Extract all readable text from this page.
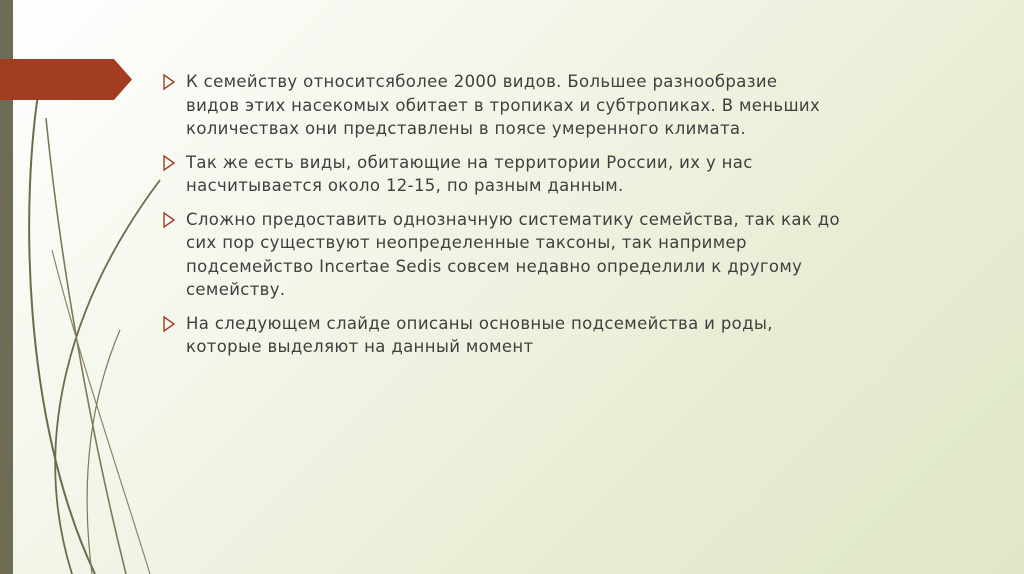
К семейству относитсяболее 2000 видов. Большее разнообразие
видов этих насекомых обитает в тропиках и субтропиках. В меньших
количествах они представлены в поясе умеренного климата.
Так же есть виды, обитающие на территории России, их у нас
насчитывается около 12-15, по разным данным.
Сложно предоставить однозначную систематику семейства, так как до
сих пор существуют неопределенные таксоны, так например
подсемейство Incertae Sedis совсем недавно определили к другому
семейству.
На следующем слайде описаны основные подсемейства и роды,
которые выделяют на данный момент
